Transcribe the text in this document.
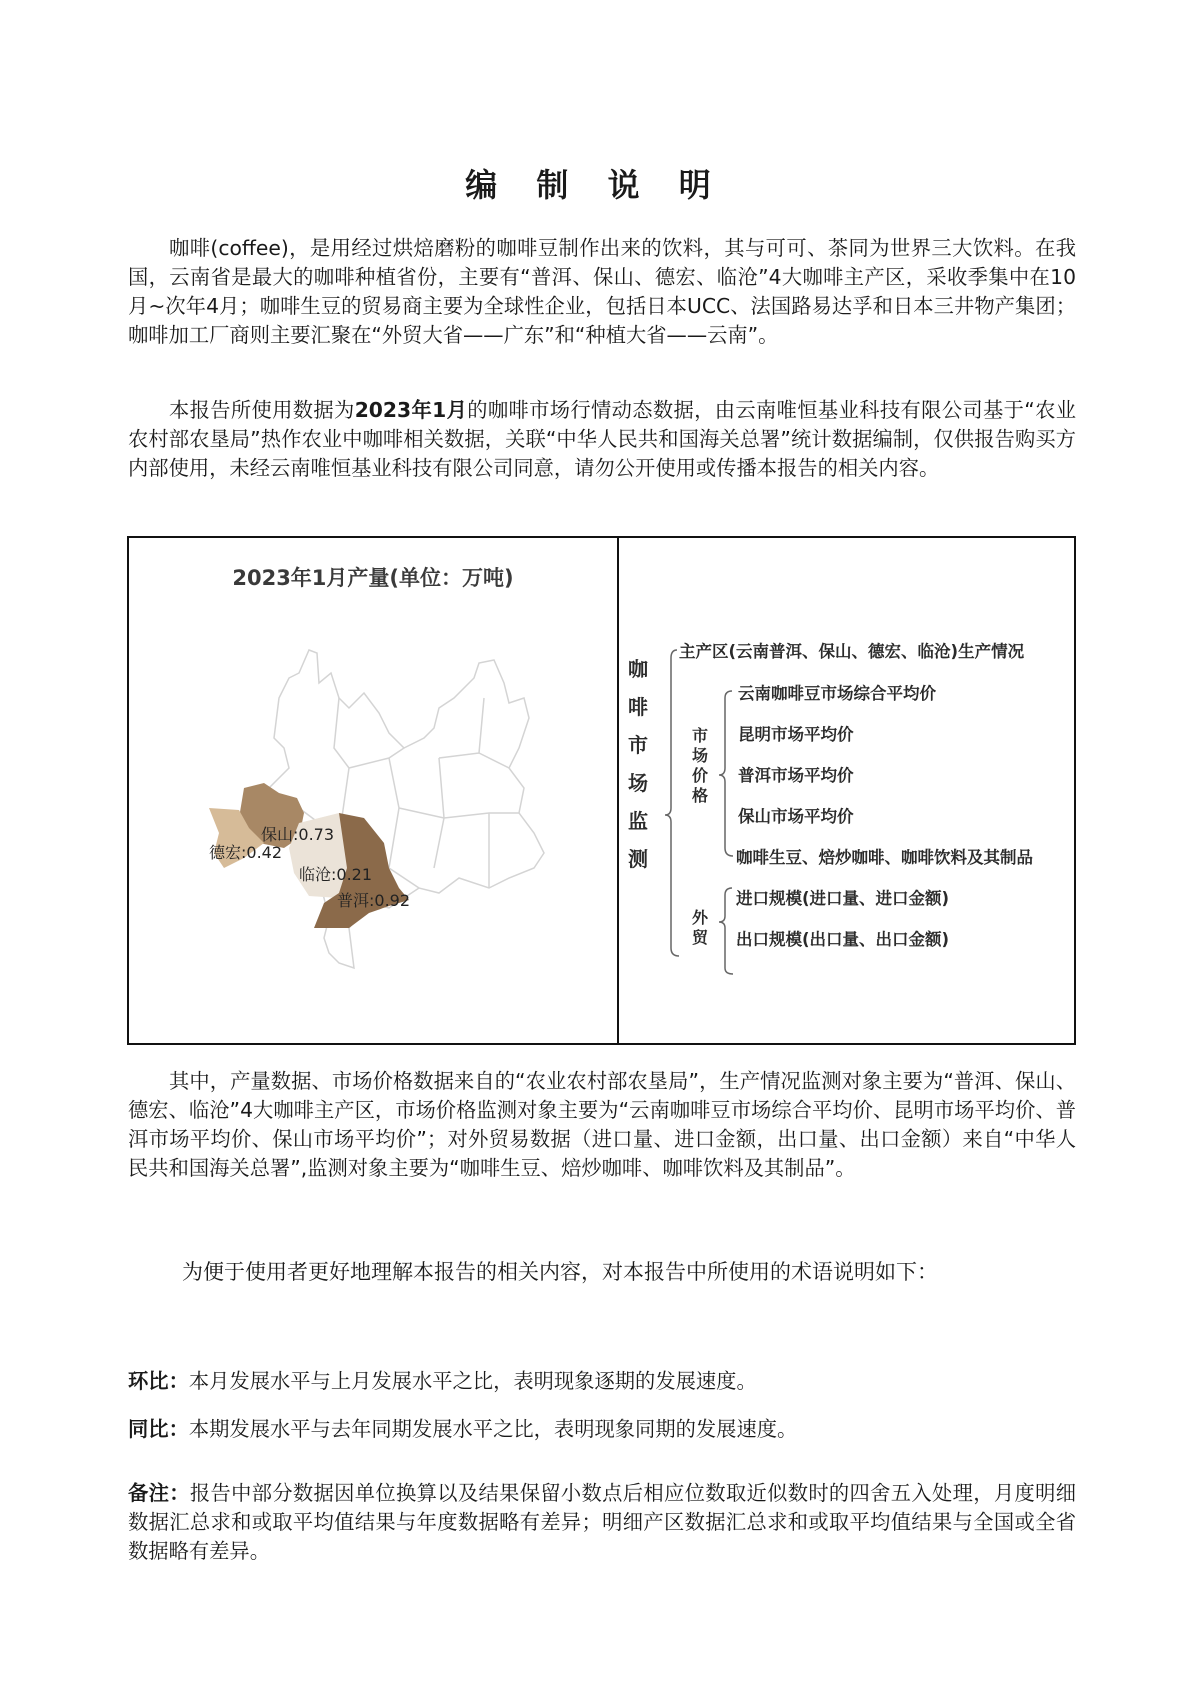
编 制 说 明
咖啡(coffee)，是用经过烘焙磨粉的咖啡豆制作出来的饮料，其与可可、茶同为世界三大饮料。在我国，云南省是最大的咖啡种植省份，主要有“普洱、保山、德宏、临沧”4大咖啡主产区，采收季集中在10月~次年4月；咖啡生豆的贸易商主要为全球性企业，包括日本UCC、法国路易达孚和日本三井物产集团；咖啡加工厂商则主要汇聚在“外贸大省——广东”和“种植大省——云南”。
本报告所使用数据为2023年1月的咖啡市场行情动态数据，由云南唯恒基业科技有限公司基于“农业农村部农垦局”热作农业中咖啡相关数据，关联“中华人民共和国海关总署”统计数据编制，仅供报告购买方内部使用，未经云南唯恒基业科技有限公司同意，请勿公开使用或传播本报告的相关内容。
2023年1月产量(单位：万吨)
保山:0.73
德宏:0.42
临沧:0.21
普洱:0.92
咖啡市场监测
主产区(云南普洱、保山、德宏、临沧)生产情况
市场价格
云南咖啡豆市场综合平均价
昆明市场平均价
普洱市场平均价
保山市场平均价
外贸
咖啡生豆、焙炒咖啡、咖啡饮料及其制品
进口规模(进口量、进口金额)
出口规模(出口量、出口金额)
其中，产量数据、市场价格数据来自的“农业农村部农垦局”，生产情况监测对象主要为“普洱、保山、德宏、临沧”4大咖啡主产区，市场价格监测对象主要为“云南咖啡豆市场综合平均价、昆明市场平均价、普洱市场平均价、保山市场平均价”；对外贸易数据（进口量、进口金额，出口量、出口金额）来自“中华人民共和国海关总署”,监测对象主要为“咖啡生豆、焙炒咖啡、咖啡饮料及其制品”。
为便于使用者更好地理解本报告的相关内容，对本报告中所使用的术语说明如下：
环比：本月发展水平与上月发展水平之比，表明现象逐期的发展速度。
同比：本期发展水平与去年同期发展水平之比，表明现象同期的发展速度。
备注：报告中部分数据因单位换算以及结果保留小数点后相应位数取近似数时的四舍五入处理，月度明细数据汇总求和或取平均值结果与年度数据略有差异；明细产区数据汇总求和或取平均值结果与全国或全省数据略有差异。
